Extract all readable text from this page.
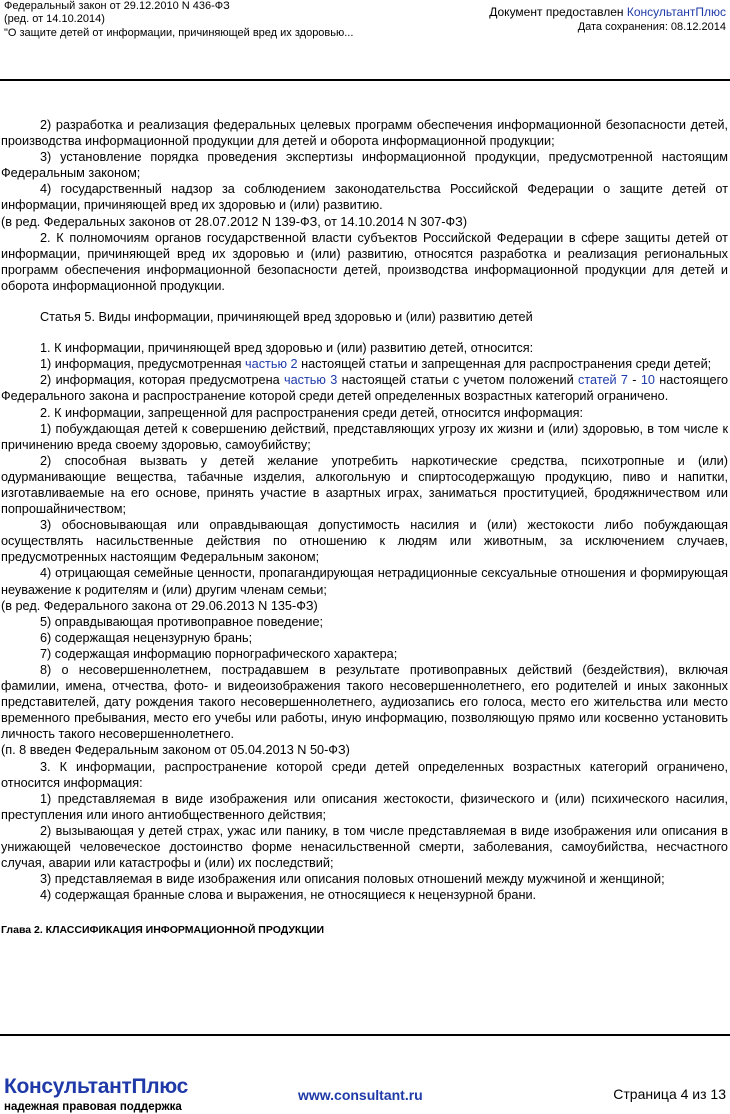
Федеральный закон от 29.12.2010 N 436-ФЗ
(ред. от 14.10.2014)
"О защите детей от информации, причиняющей вред их здоровью...
Документ предоставлен КонсультантПлюс
Дата сохранения: 08.12.2014

2) разработка и реализация федеральных целевых программ обеспечения информационной безопасности детей, производства информационной продукции для детей и оборота информационной продукции;

3) установление порядка проведения экспертизы информационной продукции, предусмотренной настоящим Федеральным законом;

4) государственный надзор за соблюдением законодательства Российской Федерации о защите детей от информации, причиняющей вред их здоровью и (или) развитию.

(в ред. Федеральных законов от 28.07.2012 N 139-ФЗ, от 14.10.2014 N 307-ФЗ)

2. К полномочиям органов государственной власти субъектов Российской Федерации в сфере защиты детей от информации, причиняющей вред их здоровью и (или) развитию, относятся разработка и реализация региональных программ обеспечения информационной безопасности детей, производства информационной продукции для детей и оборота информационной продукции.

Статья 5. Виды информации, причиняющей вред здоровью и (или) развитию детей

1. К информации, причиняющей вред здоровью и (или) развитию детей, относится:

1) информация, предусмотренная частью 2 настоящей статьи и запрещенная для распространения среди детей;

2) информация, которая предусмотрена частью 3 настоящей статьи с учетом положений статей 7 - 10 настоящего Федерального закона и распространение которой среди детей определенных возрастных категорий ограничено.

2. К информации, запрещенной для распространения среди детей, относится информация:

1) побуждающая детей к совершению действий, представляющих угрозу их жизни и (или) здоровью, в том числе к причинению вреда своему здоровью, самоубийству;

2) способная вызвать у детей желание употребить наркотические средства, психотропные и (или) одурманивающие вещества, табачные изделия, алкогольную и спиртосодержащую продукцию, пиво и напитки, изготавливаемые на его основе, принять участие в азартных играх, заниматься проституцией, бродяжничеством или попрошайничеством;

3) обосновывающая или оправдывающая допустимость насилия и (или) жестокости либо побуждающая осуществлять насильственные действия по отношению к людям или животным, за исключением случаев, предусмотренных настоящим Федеральным законом;

4) отрицающая семейные ценности, пропагандирующая нетрадиционные сексуальные отношения и формирующая неуважение к родителям и (или) другим членам семьи;

(в ред. Федерального закона от 29.06.2013 N 135-ФЗ)

5) оправдывающая противоправное поведение;

6) содержащая нецензурную брань;

7) содержащая информацию порнографического характера;

8) о несовершеннолетнем, пострадавшем в результате противоправных действий (бездействия), включая фамилии, имена, отчества, фото- и видеоизображения такого несовершеннолетнего, его родителей и иных законных представителей, дату рождения такого несовершеннолетнего, аудиозапись его голоса, место его жительства или место временного пребывания, место его учебы или работы, иную информацию, позволяющую прямо или косвенно установить личность такого несовершеннолетнего.

(п. 8 введен Федеральным законом от 05.04.2013 N 50-ФЗ)

3. К информации, распространение которой среди детей определенных возрастных категорий ограничено, относится информация:

1) представляемая в виде изображения или описания жестокости, физического и (или) психического насилия, преступления или иного антиобщественного действия;

2) вызывающая у детей страх, ужас или панику, в том числе представляемая в виде изображения или описания в унижающей человеческое достоинство форме ненасильственной смерти, заболевания, самоубийства, несчастного случая, аварии или катастрофы и (или) их последствий;

3) представляемая в виде изображения или описания половых отношений между мужчиной и женщиной;

4) содержащая бранные слова и выражения, не относящиеся к нецензурной брани.

Глава 2. КЛАССИФИКАЦИЯ ИНФОРМАЦИОННОЙ ПРОДУКЦИИ

КонсультантПлюс
надежная правовая поддержка
www.consultant.ru	Страница 4 из 13
